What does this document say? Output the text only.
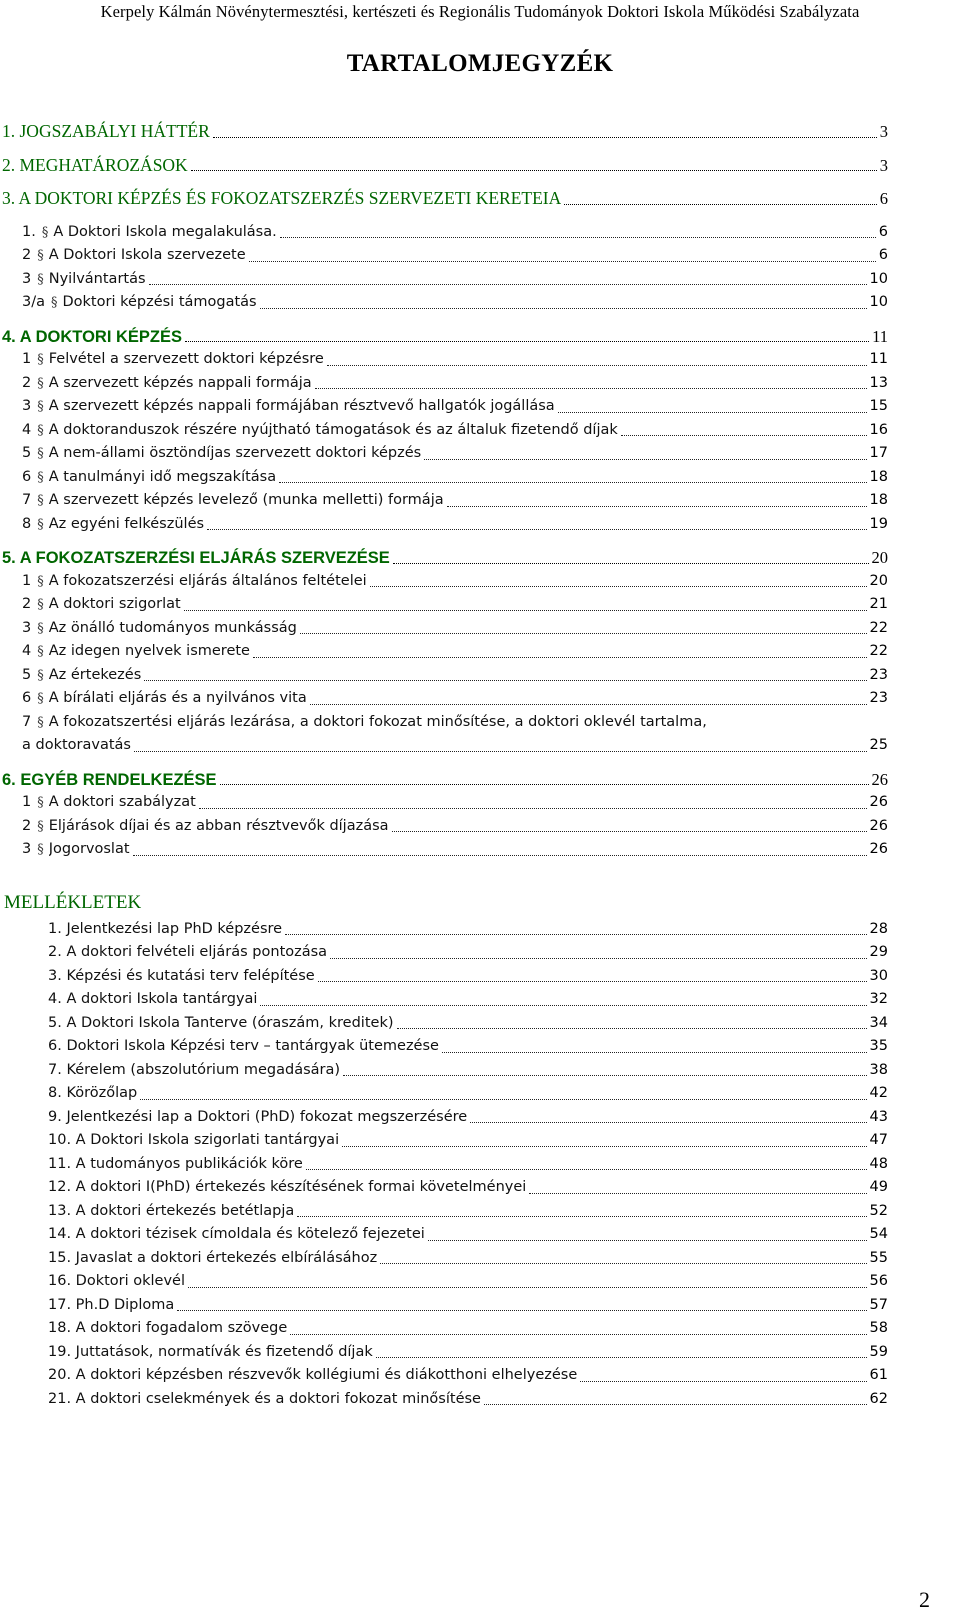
Kerpely Kálmán Növénytermesztési, kertészeti és Regionális Tudományok Doktori Iskola Működési Szabályzata
TARTALOMJEGYZÉK
1. JOGSZABÁLYI HÁTTÉR	3
2. MEGHATÁROZÁSOK	3
3. A DOKTORI KÉPZÉS ÉS FOKOZATSZERZÉS SZERVEZETI KERETEIA	6
1. § A Doktori Iskola megalakulása.	6
2 § A Doktori Iskola szervezete	6
3 § Nyilvántartás	10
3/a § Doktori képzési támogatás	10
4. A DOKTORI KÉPZÉS	11
1 § Felvétel a szervezett doktori képzésre	11
2 § A szervezett képzés nappali formája	13
3 § A szervezett képzés nappali formájában résztvevő hallgatók jogállása	15
4 § A doktoranduszok részére nyújtható támogatások és az általuk fizetendő díjak	16
5 § A nem-állami ösztöndíjas szervezett doktori képzés	17
6 § A tanulmányi idő megszakítása	18
7 § A szervezett képzés levelező (munka melletti) formája	18
8 § Az egyéni felkészülés	19
5. A FOKOZATSZERZÉSI ELJÁRÁS SZERVEZÉSE	20
1 § A fokozatszerzési eljárás általános feltételei	20
2 § A doktori szigorlat	21
3 § Az önálló tudományos munkásság	22
4 § Az idegen nyelvek ismerete	22
5 § Az értekezés	23
6 § A bírálati eljárás és a nyilvános vita	23
7 § A fokozatszertési eljárás lezárása, a doktori fokozat minősítése, a doktori oklevél tartalma,
a doktoravatás	25
6. EGYÉB RENDELKEZÉSE	26
1 § A doktori szabályzat	26
2 § Eljárások díjai és az abban résztvevők díjazása	26
3 § Jogorvoslat	26
MELLÉKLETEK
1. Jelentkezési lap PhD képzésre	28
2. A doktori felvételi eljárás pontozása	29
3. Képzési és kutatási terv felépítése	30
4. A doktori Iskola tantárgyai	32
5. A Doktori Iskola Tanterve (óraszám, kreditek)	34
6. Doktori Iskola Képzési terv – tantárgyak ütemezése	35
7. Kérelem (abszolutórium megadására)	38
8. Körözőlap	42
9. Jelentkezési lap a Doktori (PhD) fokozat megszerzésére	43
10. A Doktori Iskola szigorlati tantárgyai	47
11. A tudományos publikációk köre	48
12. A doktori I(PhD) értekezés készítésének formai követelményei	49
13. A doktori értekezés betétlapja	52
14. A doktori tézisek címoldala és kötelező fejezetei	54
15. Javaslat a doktori értekezés elbírálásához	55
16. Doktori oklevél	56
17. Ph.D Diploma	57
18. A doktori fogadalom szövege	58
19. Juttatások, normatívák és fizetendő díjak	59
20. A doktori képzésben részvevők kollégiumi és diákotthoni elhelyezése	61
21. A doktori cselekmények és a doktori fokozat minősítése	62
2
